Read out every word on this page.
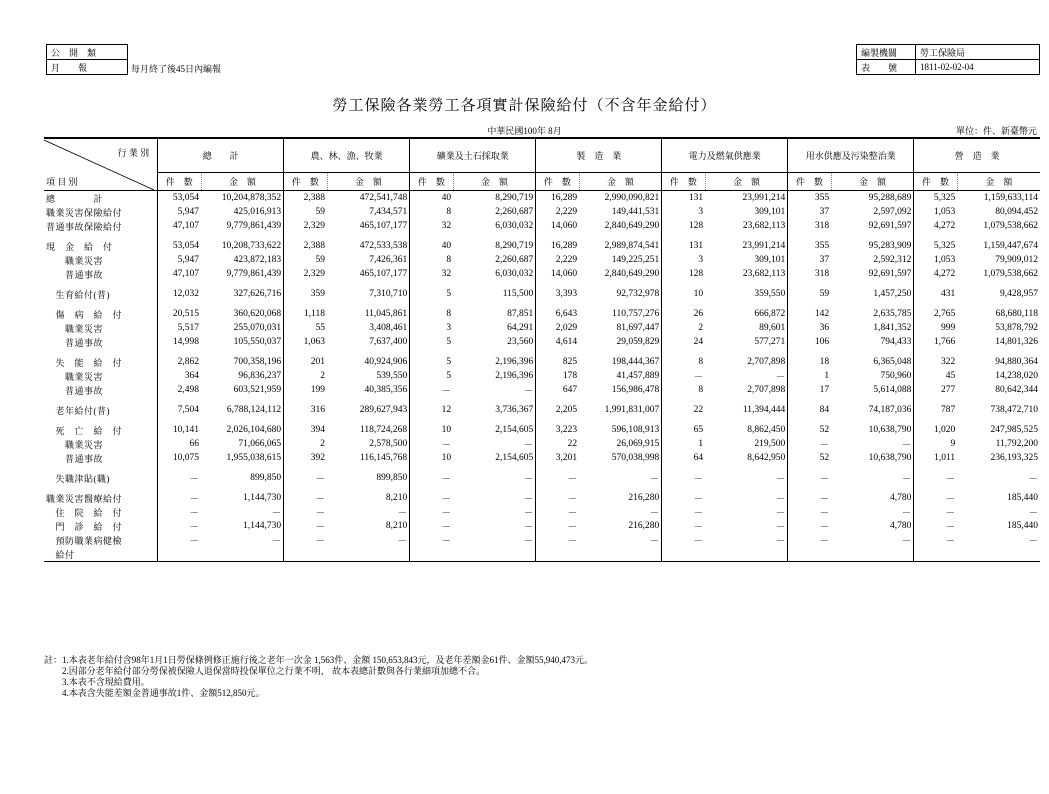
公　開　類
月　　報	每月終了後45日內編報
編製機關	勞工保險局
表　　號	1811-02-02-04
勞工保險各業勞工各項實計保險給付（不含年金給付）
中華民國100年 8月	單位：件、新臺幣元
行 業 別
項 目 別	總　　計		農、林、漁、牧業		礦業及土石採取業		製　造　業		電力及燃氣供應業		用水供應及污染整治業		營　造　業	
	件　數	金　額	件　數	金　額	件　數	金　額	件　數	金　額	件　數	金　額	件　數	金　額	件　數	金　額
總　　　　計	53,054	10,204,878,352	2,388	472,541,748	40	8,290,719	16,289	2,990,090,821	131	23,991,214	355	95,288,689	5,325	1,159,633,114
職業災害保險給付	5,947	425,016,913	59	7,434,571	8	2,260,687	2,229	149,441,531	3	309,101	37	2,597,092	1,053	80,094,452
普通事故保險給付	47,107	9,779,861,439	2,329	465,107,177	32	6,030,032	14,060	2,840,649,290	128	23,682,113	318	92,691,597	4,272	1,079,538,662

現　金　給　付	53,054	10,208,733,622	2,388	472,533,538	40	8,290,719	16,289	2,989,874,541	131	23,991,214	355	95,283,909	5,325	1,159,447,674
　　職業災害	5,947	423,872,183	59	7,426,361	8	2,260,687	2,229	149,225,251	3	309,101	37	2,592,312	1,053	79,909,012
　　普通事故	47,107	9,779,861,439	2,329	465,107,177	32	6,030,032	14,060	2,840,649,290	128	23,682,113	318	92,691,597	4,272	1,079,538,662

　生育給付(普)	12,032	327,626,716	359	7,310,710	5	115,500	3,393	92,732,978	10	359,550	59	1,457,250	431	9,428,957

　傷　病　給　付	20,515	360,620,068	1,118	11,045,861	8	87,851	6,643	110,757,276	26	666,872	142	2,635,785	2,765	68,680,118
　　職業災害	5,517	255,070,031	55	3,408,461	3	64,291	2,029	81,697,447	2	89,601	36	1,841,352	999	53,878,792
　　普通事故	14,998	105,550,037	1,063	7,637,400	5	23,560	4,614	29,059,829	24	577,271	106	794,433	1,766	14,801,326

　失　能　給　付	2,862	700,358,196	201	40,924,906	5	2,196,396	825	198,444,367	8	2,707,898	18	6,365,048	322	94,880,364
　　職業災害	364	96,836,237	2	539,550	5	2,196,396	178	41,457,889	－	－	1	750,960	45	14,238,020
　　普通事故	2,498	603,521,959	199	40,385,356	－	－	647	156,986,478	8	2,707,898	17	5,614,088	277	80,642,344

　老年給付(普)	7,504	6,788,124,112	316	289,627,943	12	3,736,367	2,205	1,991,831,007	22	11,394,444	84	74,187,036	787	738,472,710

　死　亡　給　付	10,141	2,026,104,680	394	118,724,268	10	2,154,605	3,223	596,108,913	65	8,862,450	52	10,638,790	1,020	247,985,525
　　職業災害	66	71,066,065	2	2,578,500	－	－	22	26,069,915	1	219,500	－	－	9	11,792,200
　　普通事故	10,075	1,955,038,615	392	116,145,768	10	2,154,605	3,201	570,038,998	64	8,642,950	52	10,638,790	1,011	236,193,325

　失職津貼(職)	－	899,850	－	899,850	－	－	－	－	－	－	－	－	－	－

職業災害醫療給付	－	1,144,730	－	8,210	－	－	－	216,280	－	－	－	4,780	－	185,440
　住　院　給　付	－	－	－	－	－	－	－	－	－	－	－	－	－	－
　門　診　給　付	－	1,144,730	－	8,210	－	－	－	216,280	－	－	－	4,780	－	185,440
　預防職業病健檢	－	－	－	－	－	－	－	－	－	－	－	－	－	－
　給付														
註：1.本表老年給付含98年1月1日勞保條例修正施行後之老年一次金 1,563件、金額 150,653,843元，及老年差額金61件、金額55,940,473元。
　　2.因部分老年給付部分勞保被保險人退保當時投保單位之行業不明， 故本表總計數與各行業細項加總不合。
　　3.本表不含現給費用。
　　4.本表含失能差額金普通事故1件、金額512,850元。
